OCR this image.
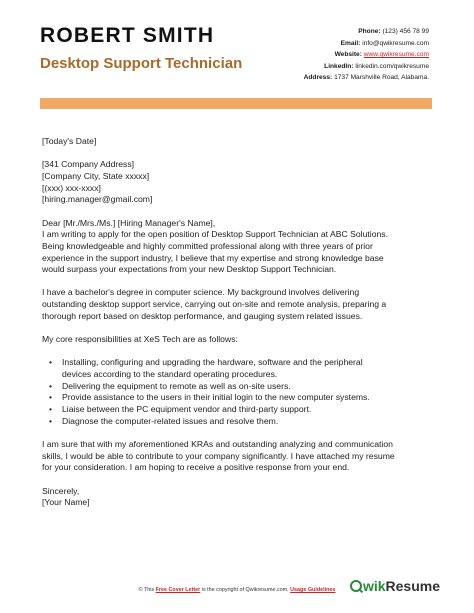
ROBERT SMITH
Desktop Support Technician
Phone: (123) 456 78 99
Email: info@qwikresume.com
Website: www.qwikresume.com
LinkedIn: linkedin.com/qwikresume
Address: 1737 Marshville Road, Alabama.

[Today's Date]

[341 Company Address]

[Company City, State xxxxx]

[(xxx) xxx-xxxx]

[hiring.manager@gmail.com]

Dear [Mr./Mrs./Ms.] [Hiring Manager's Name],

I am writing to apply for the open position of Desktop Support Technician at ABC Solutions.

Being knowledgeable and highly committed professional along with three years of prior

experience in the support industry, I believe that my expertise and strong knowledge base

would surpass your expectations from your new Desktop Support Technician.

I have a bachelor's degree in computer science. My background involves delivering

outstanding desktop support service, carrying out on-site and remote analysis, preparing a

thorough report based on desktop performance, and gauging system related issues.

My core responsibilities at XeS Tech are as follows:

• Installing, configuring and upgrading the hardware, software and the peripheral
devices according to the standard operating procedures.
• Delivering the equipment to remote as well as on-site users.
• Provide assistance to the users in their initial login to the new computer systems.
• Liaise between the PC equipment vendor and third-party support.
• Diagnose the computer-related issues and resolve them.

I am sure that with my aforementioned KRAs and outstanding analyzing and communication

skills, I would be able to contribute to your company significantly. I have attached my resume

for your consideration. I am hoping to receive a positive response from your end.

Sincerely,

[Your Name]

© This Free Cover Letter is the copyright of Qwikresume.com. Usage Guidelines	wik Resume
